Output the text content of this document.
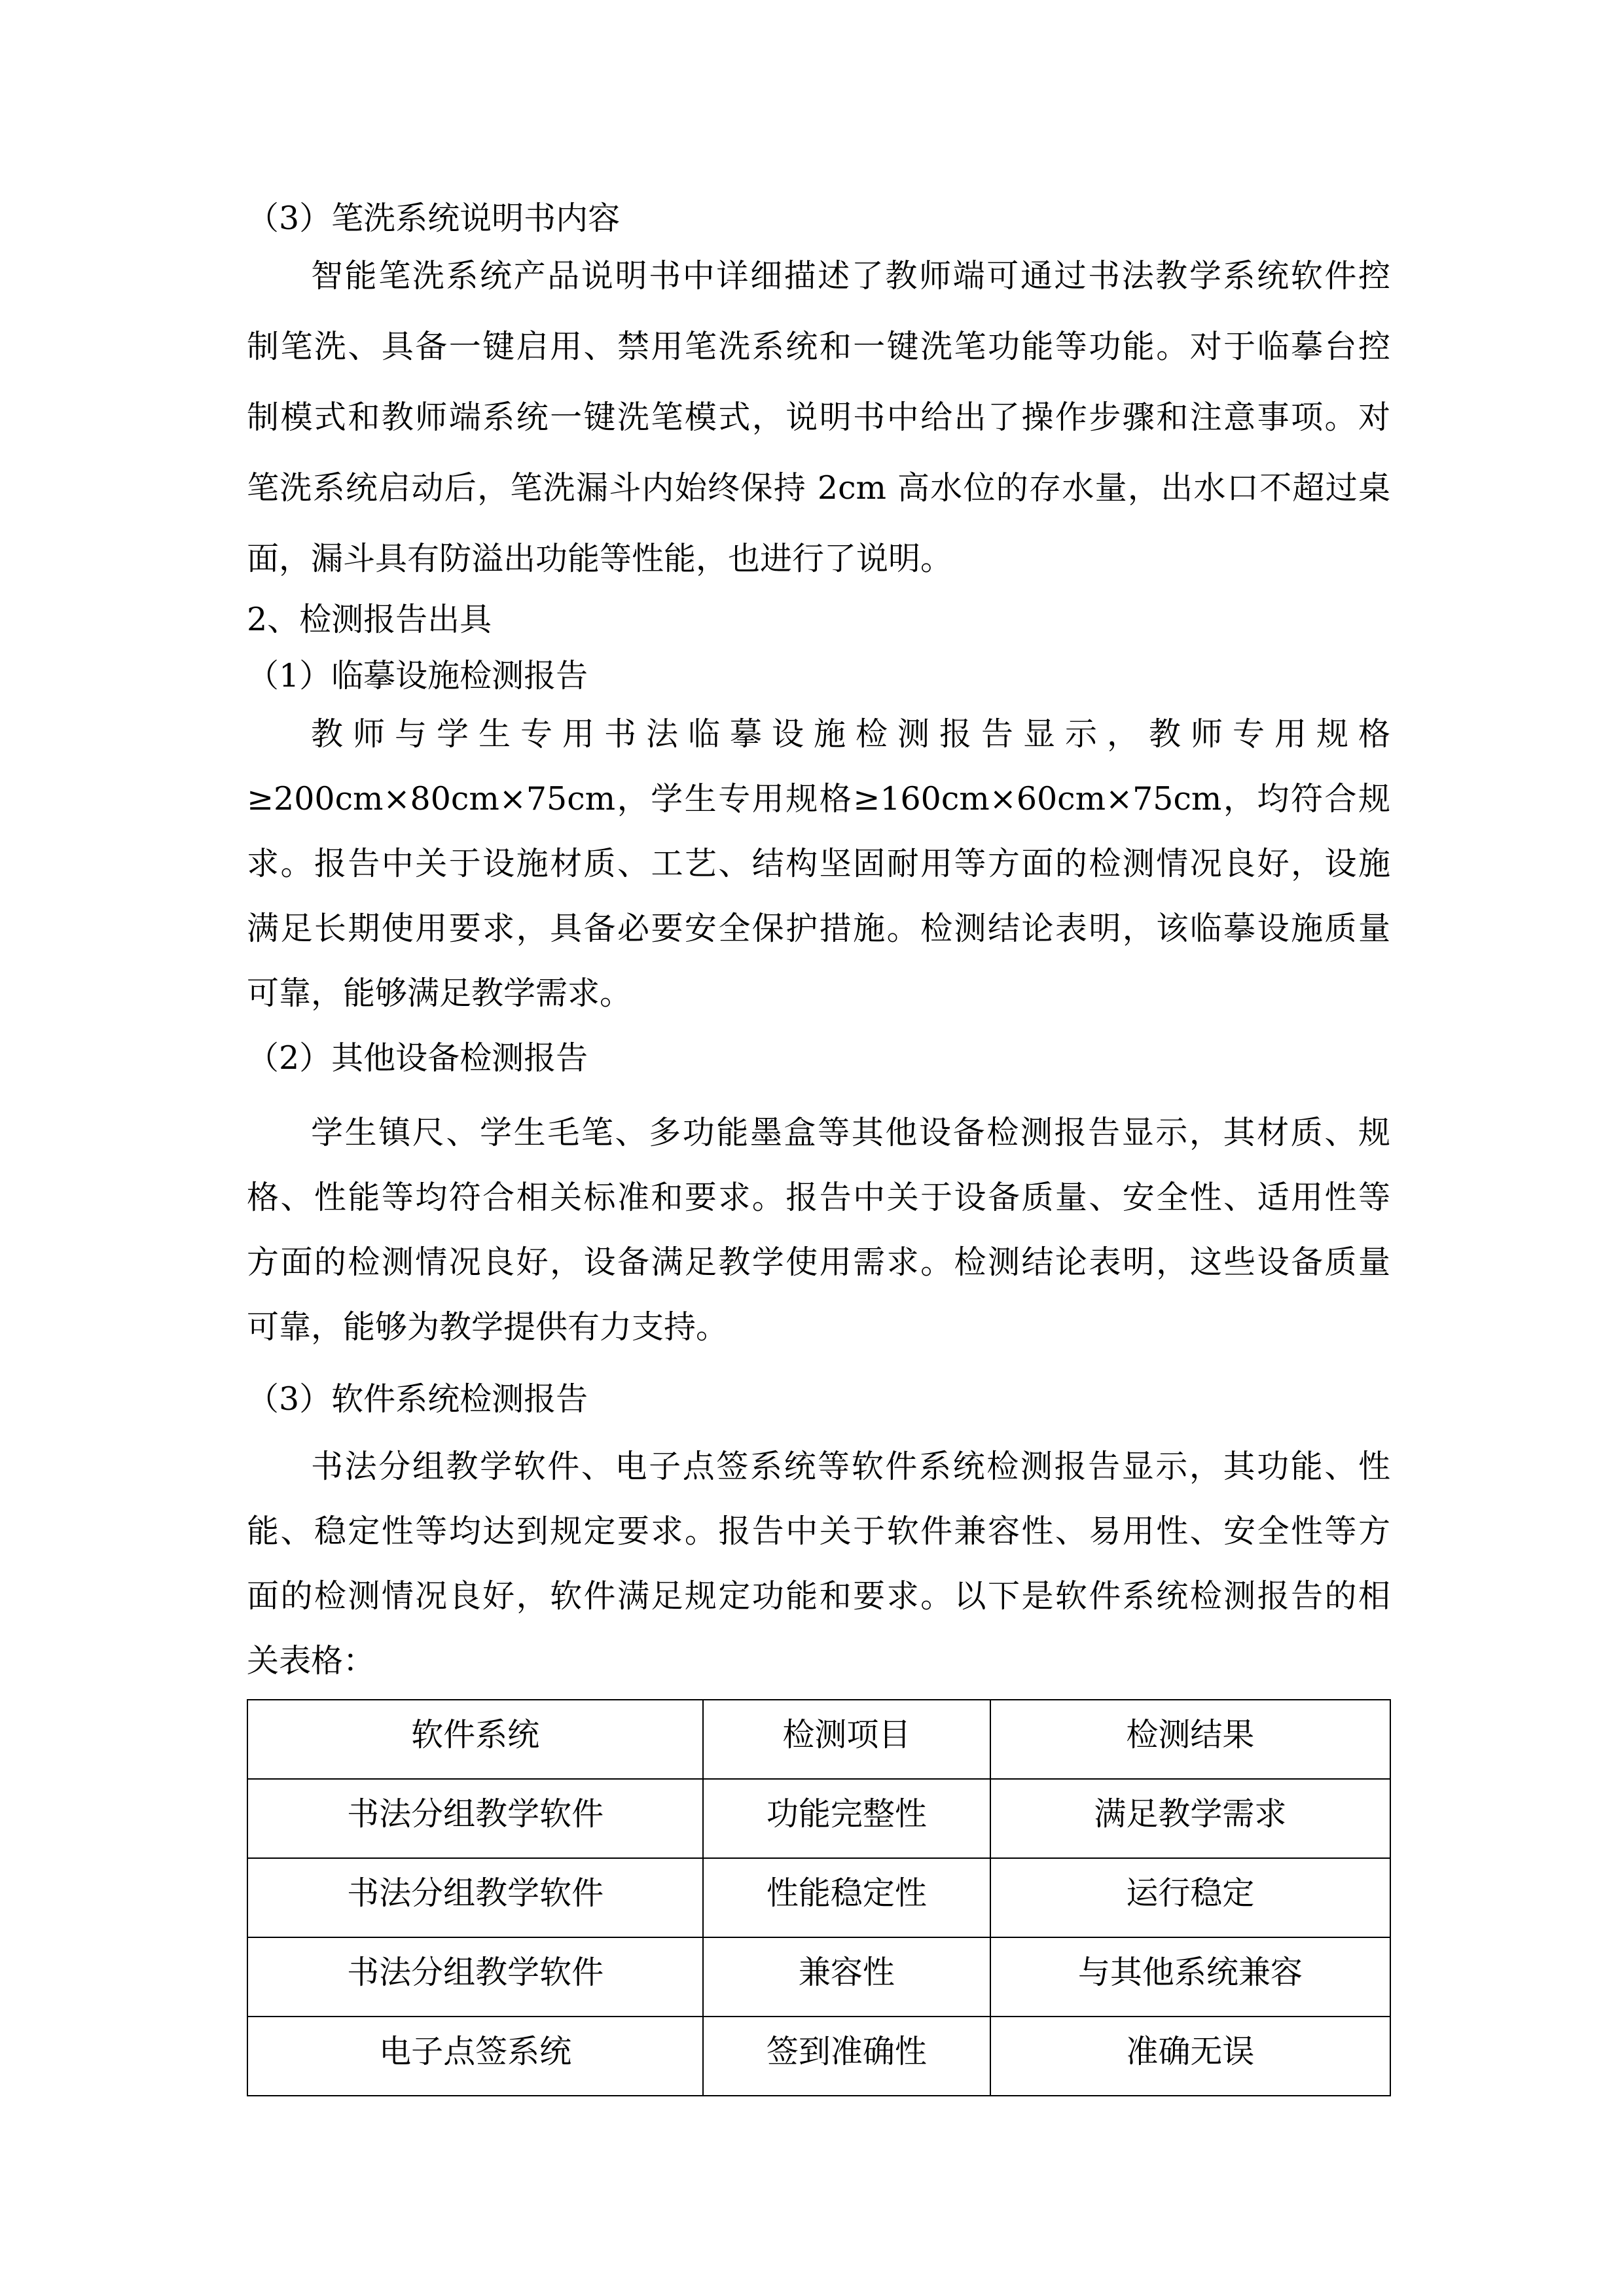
（3）笔洗系统说明书内容
智能笔洗系统产品说明书中详细描述了教师端可通过书法教学系统软件控
制笔洗、具备一键启用、禁用笔洗系统和一键洗笔功能等功能。对于临摹台控
制模式和教师端系统一键洗笔模式，说明书中给出了操作步骤和注意事项。对
笔洗系统启动后，笔洗漏斗内始终保持 2cm 高水位的存水量，出水口不超过桌
面，漏斗具有防溢出功能等性能，也进行了说明。
2、检测报告出具
（1）临摹设施检测报告
教师与学生专用书法临摹设施检测报告显示，教师专用规格
≥200cm×80cm×75cm，学生专用规格≥160cm×60cm×75cm，均符合规
求。报告中关于设施材质、工艺、结构坚固耐用等方面的检测情况良好，设施
满足长期使用要求，具备必要安全保护措施。检测结论表明，该临摹设施质量
可靠，能够满足教学需求。
（2）其他设备检测报告
学生镇尺、学生毛笔、多功能墨盒等其他设备检测报告显示，其材质、规
格、性能等均符合相关标准和要求。报告中关于设备质量、安全性、适用性等
方面的检测情况良好，设备满足教学使用需求。检测结论表明，这些设备质量
可靠，能够为教学提供有力支持。
（3）软件系统检测报告
书法分组教学软件、电子点签系统等软件系统检测报告显示，其功能、性
能、稳定性等均达到规定要求。报告中关于软件兼容性、易用性、安全性等方
面的检测情况良好，软件满足规定功能和要求。以下是软件系统检测报告的相
关表格：
软件系统	检测项目	检测结果
书法分组教学软件	功能完整性	满足教学需求
书法分组教学软件	性能稳定性	运行稳定
书法分组教学软件	兼容性	与其他系统兼容
电子点签系统	签到准确性	准确无误
